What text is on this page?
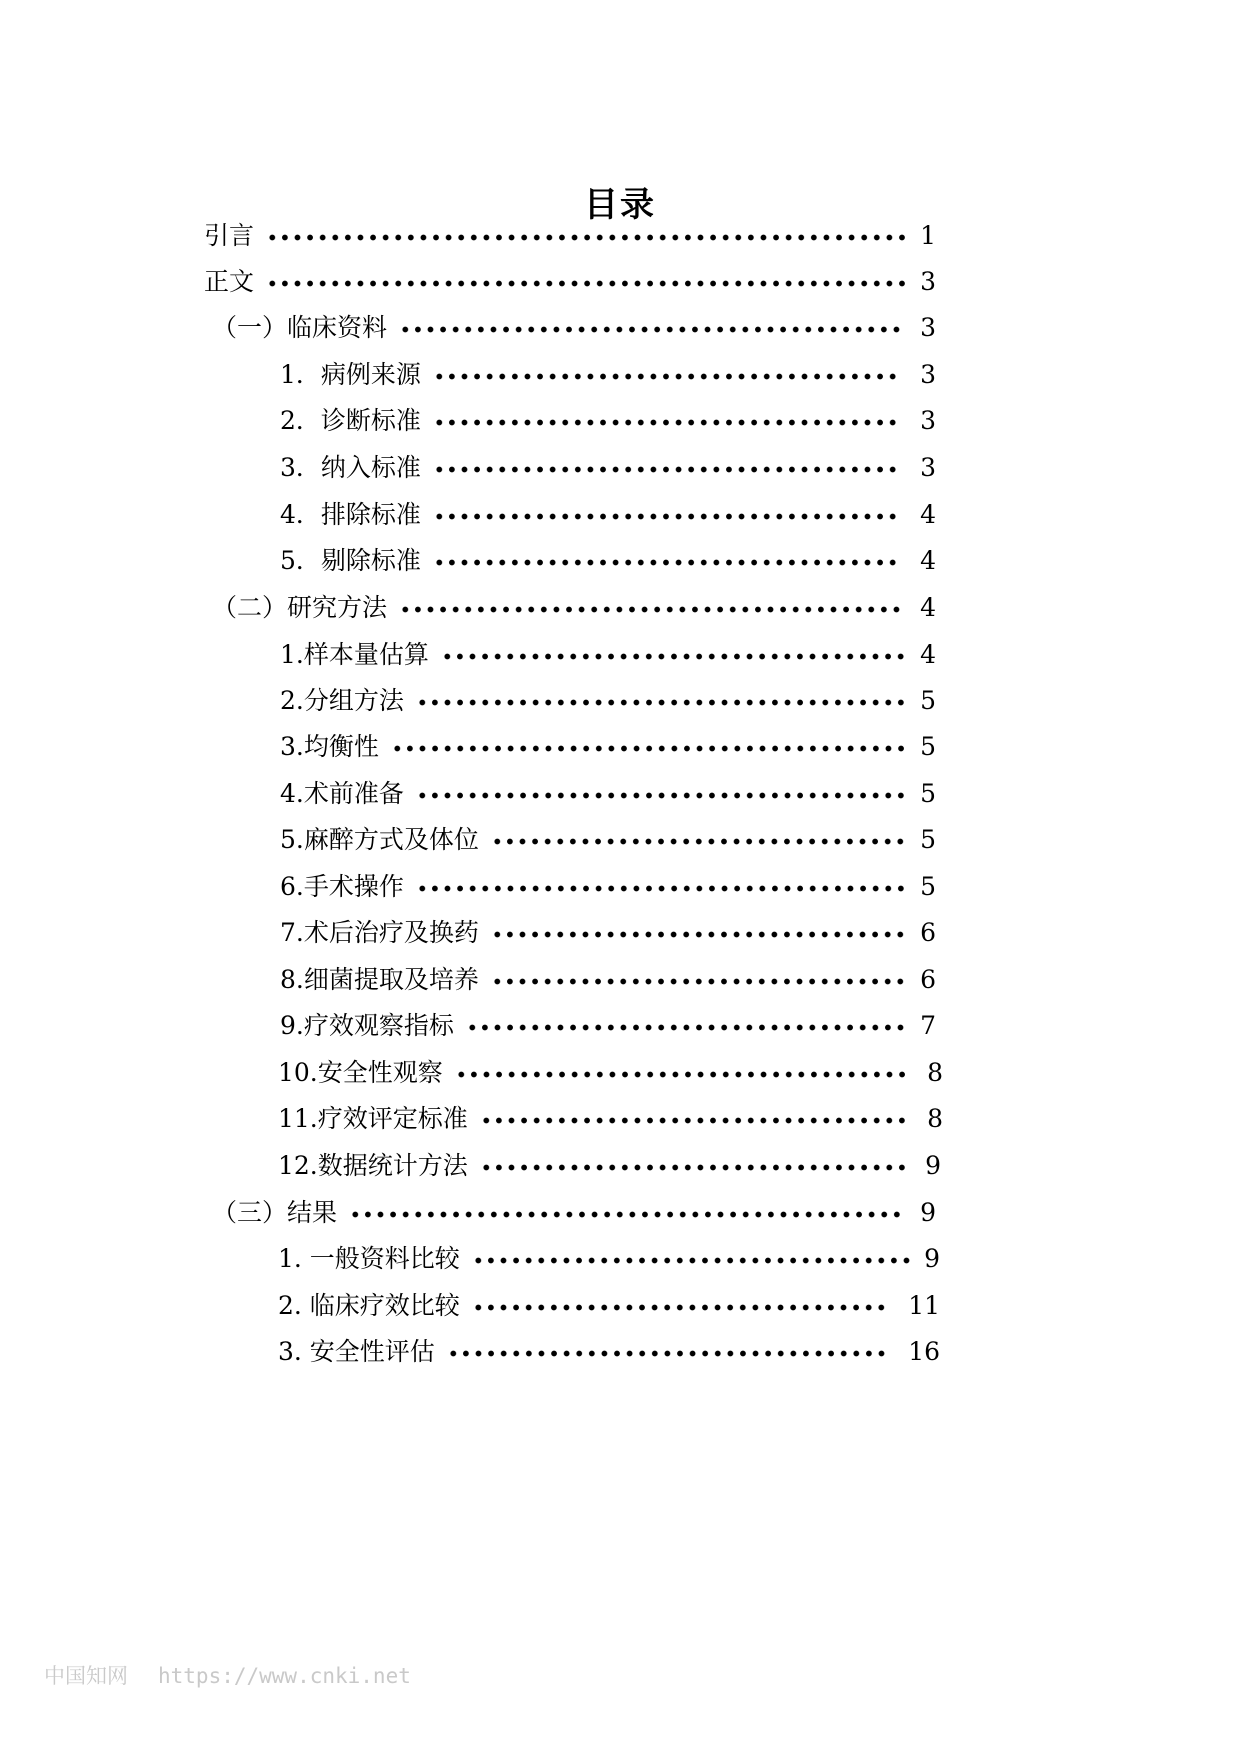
目录
引言	1
正文	3
（一）临床资料	3
1．病例来源	3
2．诊断标准	3
3．纳入标准	3
4．排除标准	4
5．剔除标准	4
（二）研究方法	4
1.样本量估算	4
2.分组方法	5
3.均衡性	5
4.术前准备	5
5.麻醉方式及体位	5
6.手术操作	5
7.术后治疗及换药	6
8.细菌提取及培养	6
9.疗效观察指标	7
10.安全性观察	8
11.疗效评定标准	8
12.数据统计方法	9
（三）结果	9
1. 一般资料比较	9
2. 临床疗效比较	11
3. 安全性评估	16
中国知网 https://www.cnki.net
